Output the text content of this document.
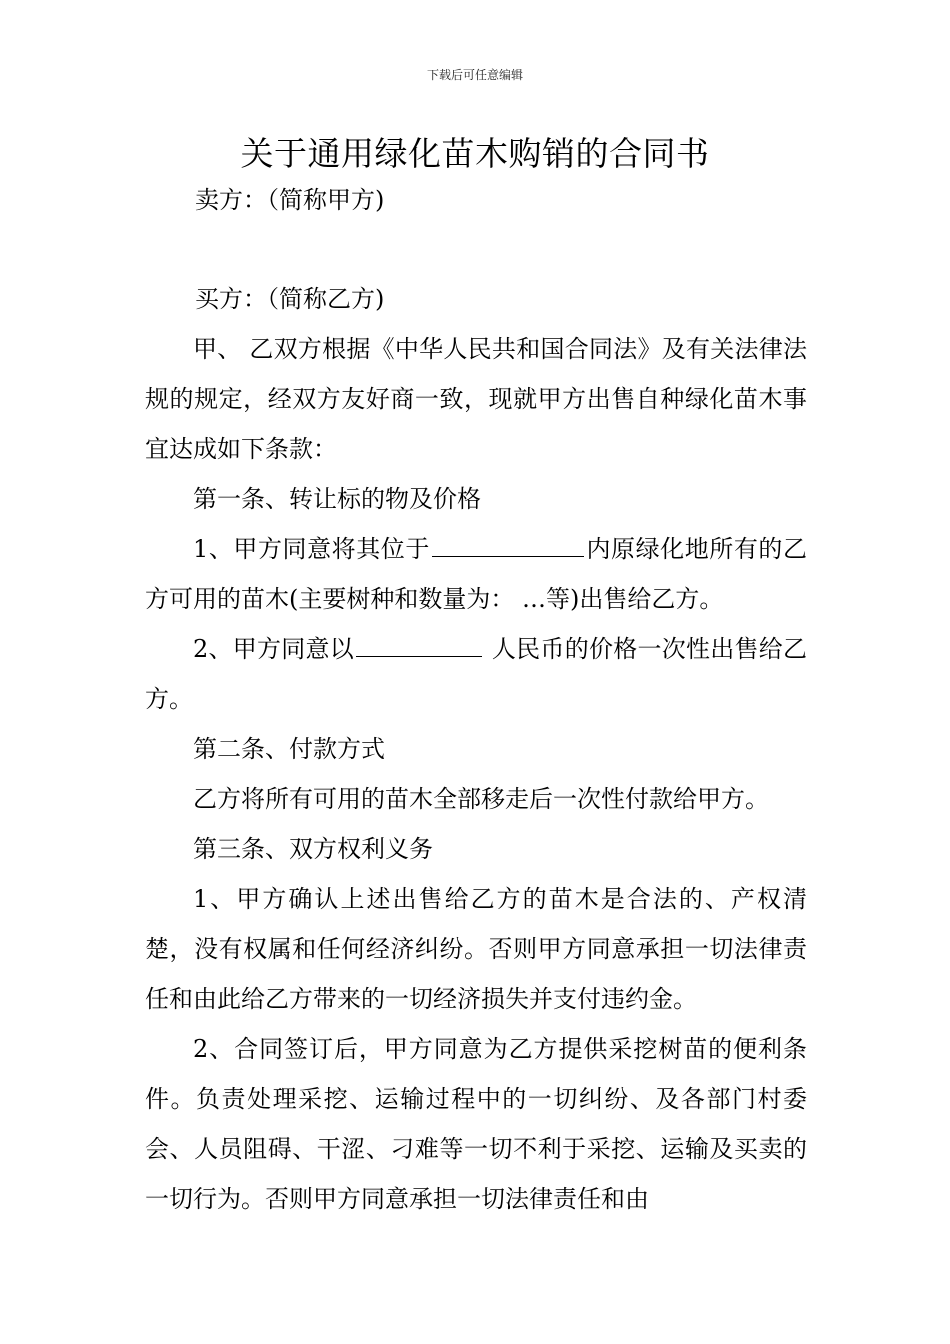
下载后可任意编辑
关于通用绿化苗木购销的合同书
卖方：（简称甲方)
买方：（简称乙方)

甲、 乙双方根据《中华人民共和国合同法》及有关法律法规的规定，经双方友好商一致，现就甲方出售自种绿化苗木事宜达成如下条款：

第一条、转让标的物及价格

1、甲方同意将其位于	内原绿化地所有的乙方可用的苗木(主要树种和数量为： …等)出售给乙方。

2、甲方同意以	人民币的价格一次性出售给乙方。

第二条、付款方式

乙方将所有可用的苗木全部移走后一次性付款给甲方。

第三条、双方权利义务

1、甲方确认上述出售给乙方的苗木是合法的、产权清楚，没有权属和任何经济纠纷。否则甲方同意承担一切法律责任和由此给乙方带来的一切经济损失并支付违约金。

2、合同签订后，甲方同意为乙方提供采挖树苗的便利条件。负责处理采挖、运输过程中的一切纠纷、及各部门村委会、人员阻碍、干涩、刁难等一切不利于采挖、运输及买卖的一切行为。否则甲方同意承担一切法律责任和由
